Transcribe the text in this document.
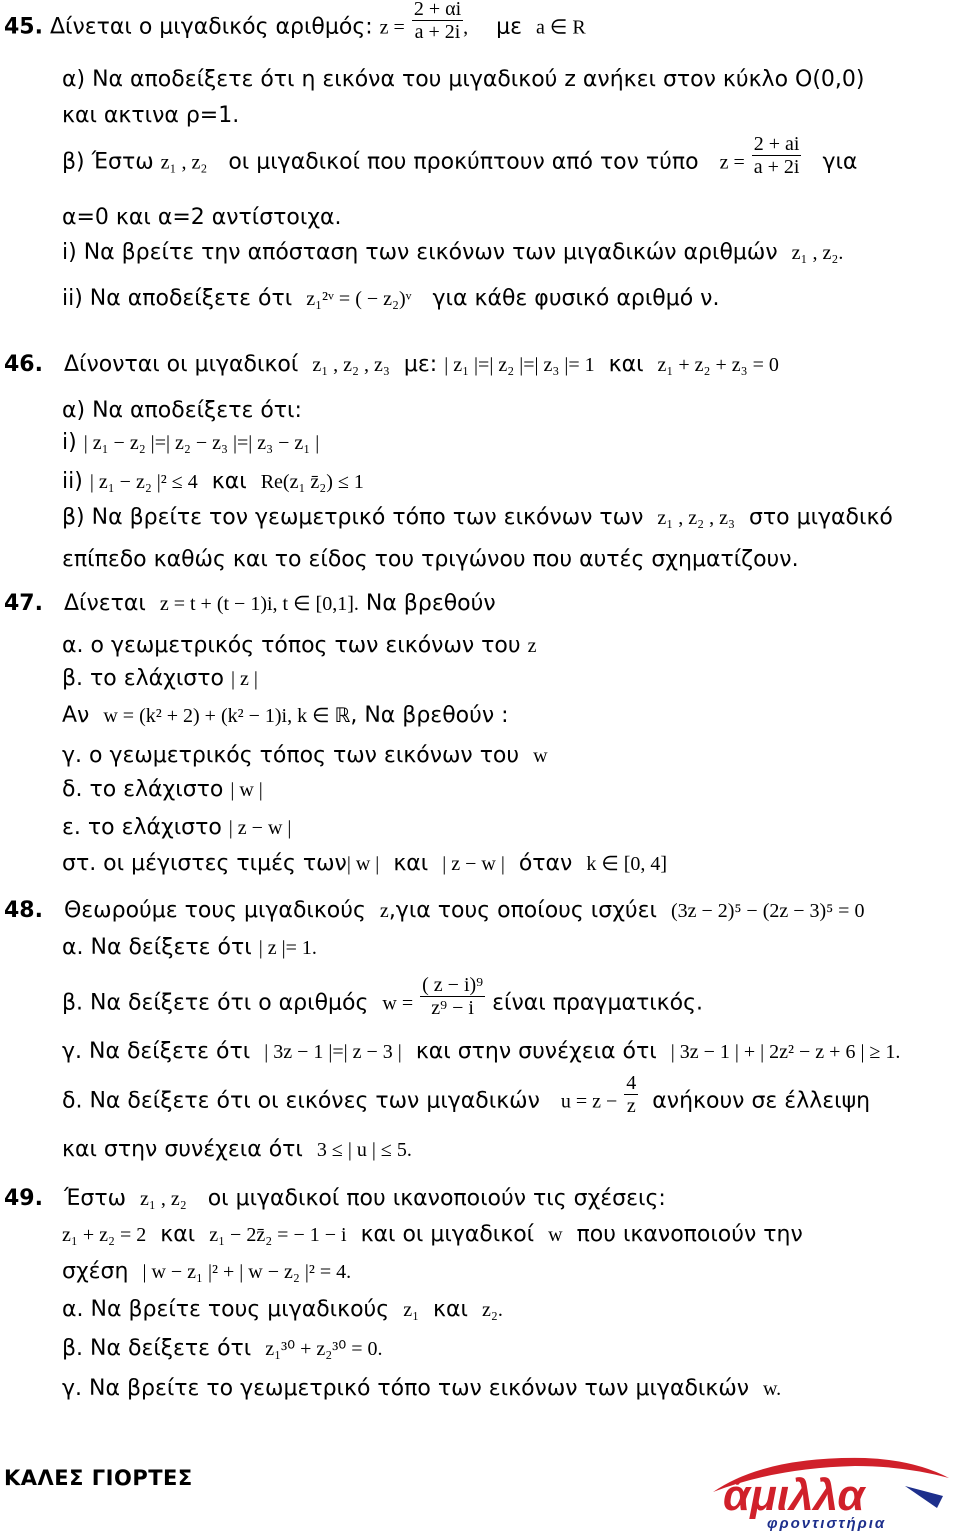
45. Δίνεται ο μιγαδικός αριθμός: $z = \frac{2 + \alpha i}{a + 2i}$ , με a ∈ R
α) Να αποδείξετε ότι η εικόνα του μιγαδικού z ανήκει στον κύκλο Ο(0,0)
και ακτινα ρ=1.
β) Έστω z₁ , z₂ οι μιγαδικοί που προκύπτουν από τον τύπο $z = \frac{2 + ai}{a + 2i}$ για
α=0 και α=2 αντίστοιχα.
i) Να βρείτε την απόσταση των εικόνων των μιγαδικών αριθμών z₁ , z₂.
ii) Να αποδείξετε ότι z₁²ᵛ = ( − z₂)ᵛ για κάθε φυσικό αριθμό ν.
46. Δίνονται οι μιγαδικοί z₁ , z₂ , z₃ με: | z₁ |=| z₂ |=| z₃ |= 1 και z₁ + z₂ + z₃ = 0
α) Να αποδείξετε ότι:
i) | z₁ − z₂ |=| z₂ − z₃ |=| z₃ − z₁ |
ii) | z₁ − z₂ |² ≤ 4 και Re(z₁ z̄₂) ≤ 1
β) Να βρείτε τον γεωμετρικό τόπο των εικόνων των z₁ , z₂ , z₃ στο μιγαδικό
επίπεδο καθώς και το είδος του τριγώνου που αυτές σχηματίζουν.
47. Δίνεται z = t + (t − 1)i, t ∈ [0,1]. Να βρεθούν
α. ο γεωμετρικός τόπος των εικόνων του z
β. το ελάχιστο | z |
Αν w = (k² + 2) + (k² − 1)i, k ∈ ℝ, Να βρεθούν :
γ. ο γεωμετρικός τόπος των εικόνων του w
δ. το ελάχιστο | w |
ε. το ελάχιστο | z − w |
στ. οι μέγιστες τιμές των| w | και | z − w | όταν k ∈ [0, 4]
48. Θεωρούμε τους μιγαδικούς z,για τους οποίους ισχύει (3z − 2)⁵ − (2z − 3)⁵ = 0
α. Να δείξετε ότι | z |= 1.
β. Να δείξετε ότι ο αριθμός $w = \frac{\text{( z − i)⁹}}{\text{z⁹ − i}}$ είναι πραγματικός.
γ. Να δείξετε ότι | 3z − 1 |=| z − 3 | και στην συνέχεια ότι | 3z − 1 | + | 2z² − z + 6 | ≥ 1.
δ. Να δείξετε ότι οι εικόνες των μιγαδικών $u = z - \frac{4}{z}$ ανήκουν σε έλλειψη
και στην συνέχεια ότι 3 ≤ | u | ≤ 5.
49. Έστω z₁ , z₂ οι μιγαδικοί που ικανοποιούν τις σχέσεις:
z₁ + z₂ = 2 και z₁ − 2z̄₂ = − 1 − i και οι μιγαδικοί w που ικανοποιούν την
σχέση | w − z₁ |² + | w − z₂ |² = 4.
α. Να βρείτε τους μιγαδικούς z₁ και z₂.
β. Να δείξετε ότι z₁³⁰ + z₂³⁰ = 0.
γ. Να βρείτε το γεωμετρικό τόπο των εικόνων των μιγαδικών w.
ΚΑΛΕΣ ΓΙΟΡΤΕΣ	άμιλλα
φροντιστήρια
